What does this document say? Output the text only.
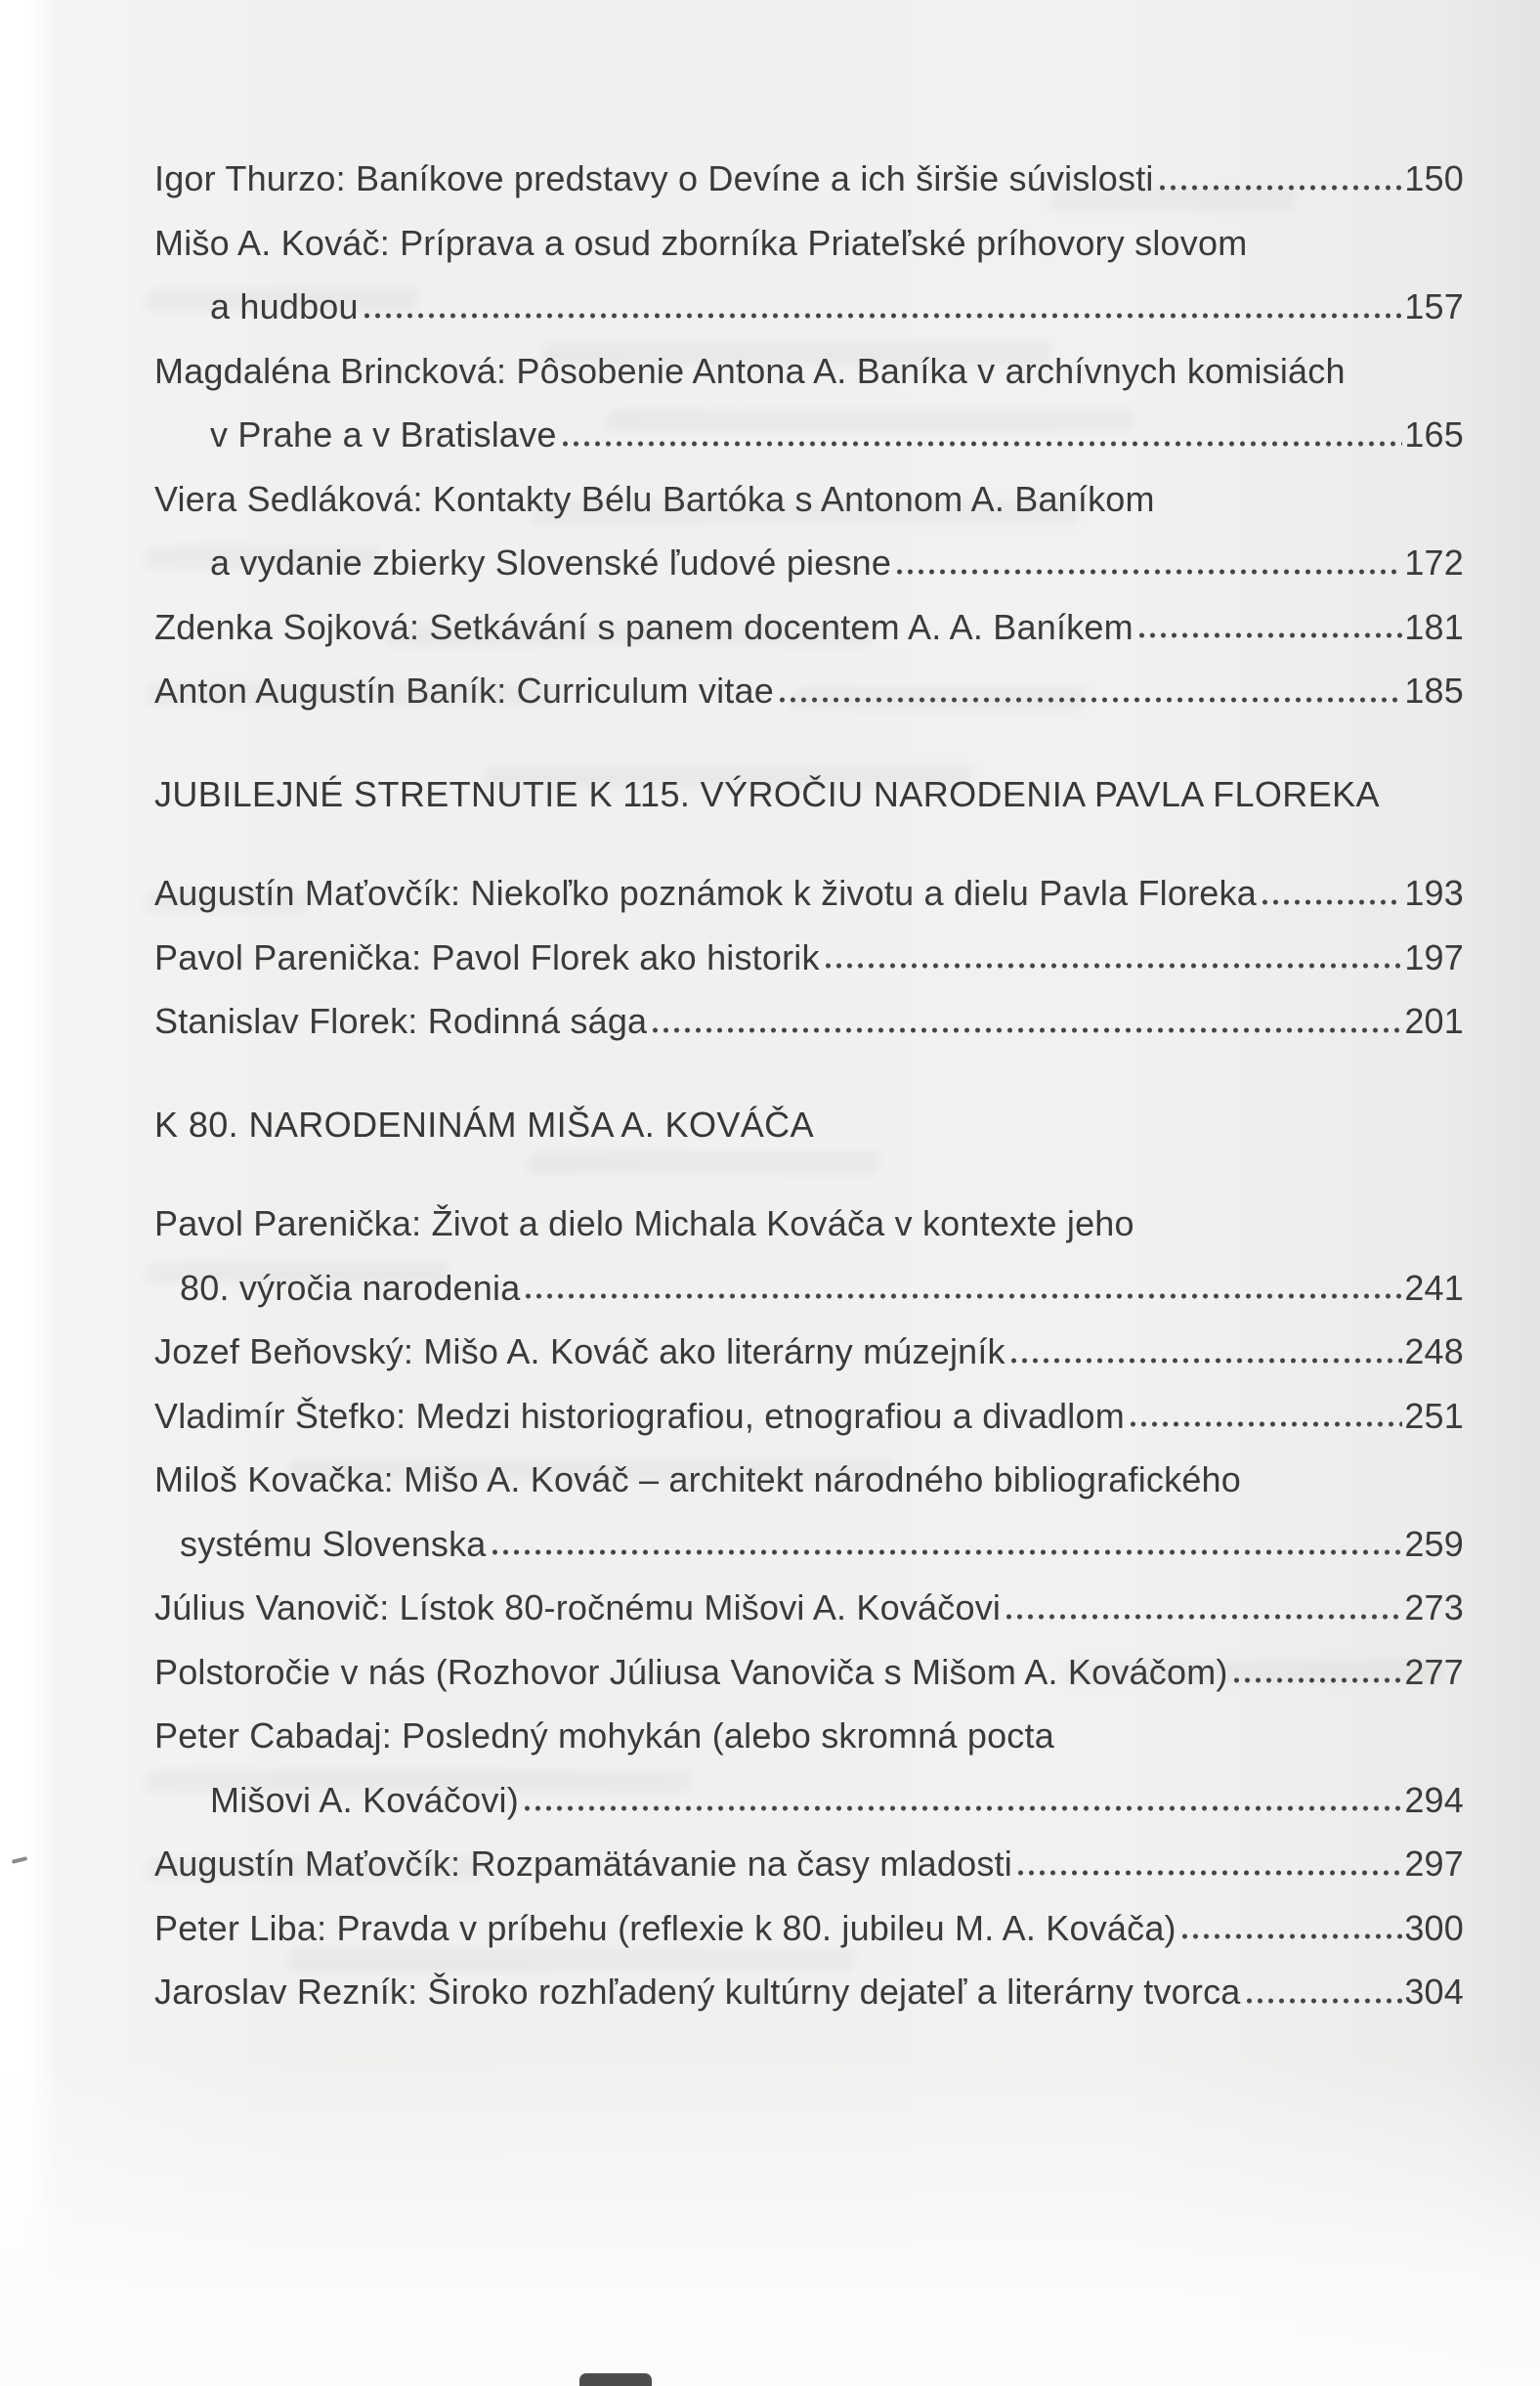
Igor Thurzo: Baníkove predstavy o Devíne a ich širšie súvislosti	150
Mišo A. Kováč: Príprava a osud zborníka Priateľské príhovory slovom
a hudbou	157
Magdaléna Brincková: Pôsobenie Antona A. Baníka v archívnych komisiách
v Prahe a v Bratislave	165
Viera Sedláková: Kontakty Bélu Bartóka s Antonom A. Baníkom
a vydanie zbierky Slovenské ľudové piesne	172
Zdenka Sojková: Setkávání s panem docentem A. A. Baníkem	181
Anton Augustín Baník: Curriculum vitae	185
JUBILEJNÉ STRETNUTIE K 115. VÝROČIU NARODENIA PAVLA FLOREKA
Augustín Maťovčík: Niekoľko poznámok k životu a dielu Pavla Floreka	193
Pavol Parenička: Pavol Florek ako historik	197
Stanislav Florek: Rodinná sága	201
K 80. NARODENINÁM MIŠA A. KOVÁČA
Pavol Parenička: Život a dielo Michala Kováča v kontexte jeho
80. výročia narodenia	241
Jozef Beňovský: Mišo A. Kováč ako literárny múzejník	248
Vladimír Štefko: Medzi historiografiou, etnografiou a divadlom	251
Miloš Kovačka: Mišo A. Kováč – architekt národného bibliografického
systému Slovenska	259
Július Vanovič: Lístok 80-ročnému Mišovi A. Kováčovi	273
Polstoročie v nás (Rozhovor Júliusa Vanoviča s Mišom A. Kováčom)	277
Peter Cabadaj: Posledný mohykán (alebo skromná pocta
Mišovi A. Kováčovi)	294
Augustín Maťovčík: Rozpamätávanie na časy mladosti	297
Peter Liba: Pravda v príbehu (reflexie k 80. jubileu M. A. Kováča)	300
Jaroslav Rezník: Široko rozhľadený kultúrny dejateľ a literárny tvorca	304
